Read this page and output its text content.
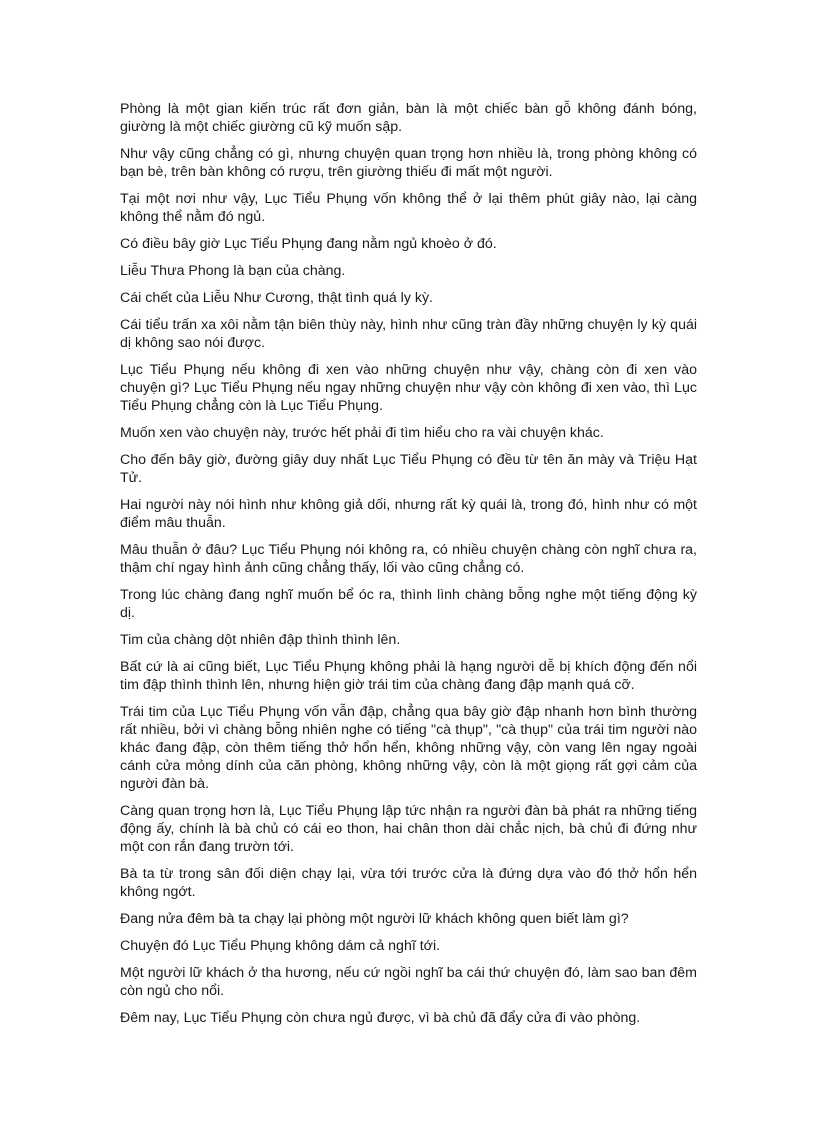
Phòng là một gian kiến trúc rất đơn giản, bàn là một chiếc bàn gỗ không đánh bóng, giường là một chiếc giường cũ kỹ muốn sập.

Như vậy cũng chẳng có gì, nhưng chuyện quan trọng hơn nhiều là, trong phòng không có bạn bè, trên bàn không có rượu, trên giường thiếu đi mất một người.

Tại một nơi như vậy, Lục Tiểu Phụng vốn không thể ở lại thêm phút giây nào, lại càng không thể nằm đó ngủ.

Có điều bây giờ Lục Tiểu Phụng đang nằm ngủ khoèo ở đó.

Liễu Thưa Phong là bạn của chàng.

Cái chết của Liễu Như Cương, thật tình quá ly kỳ.

Cái tiểu trấn xa xôi nằm tận biên thùy này, hình như cũng tràn đầy những chuyện ly kỳ quái dị không sao nói được.

Lục Tiểu Phụng nếu không đi xen vào những chuyện như vậy, chàng còn đi xen vào chuyện gì? Lục Tiểu Phụng nếu ngay những chuyện như vậy còn không đi xen vào, thì Lục Tiểu Phụng chẳng còn là Lục Tiểu Phụng.

Muốn xen vào chuyện này, trước hết phải đi tìm hiểu cho ra vài chuyện khác.

Cho đến bây giờ, đường giây duy nhất Lục Tiểu Phụng có đều từ tên ăn mày và Triệu Hạt Tử.

Hai người này nói hình như không giả dối, nhưng rất kỳ quái là, trong đó, hình như có một điểm mâu thuẫn.

Mâu thuẫn ở đâu? Lục Tiểu Phụng nói không ra, có nhiều chuyện chàng còn nghĩ chưa ra, thậm chí ngay hình ảnh cũng chẳng thấy, lối vào cũng chẳng có.

Trong lúc chàng đang nghĩ muốn bể óc ra, thình lình chàng bỗng nghe một tiếng động kỳ dị.

Tim của chàng dột nhiên đập thình thình lên.

Bất cứ là ai cũng biết, Lục Tiểu Phụng không phải là hạng người dễ bị khích động đến nổi tim đập thình thình lên, nhưng hiện giờ trái tim của chàng đang đập mạnh quá cỡ.

Trái tim của Lục Tiểu Phụng vốn vẫn đập, chẳng qua bây giờ đập nhanh hơn bình thường rất nhiều, bởi vì chàng bỗng nhiên nghe có tiếng "cà thụp", "cà thụp" của trái tim người nào khác đang đập, còn thêm tiếng thở hổn hển, không những vậy, còn vang lên ngay ngoài cánh cửa mỏng dính của căn phòng, không những vậy, còn là một giọng rất gợi cảm của người đàn bà.

Càng quan trọng hơn là, Lục Tiểu Phụng lập tức nhận ra người đàn bà phát ra những tiếng động ấy, chính là bà chủ có cái eo thon, hai chân thon dài chắc nịch, bà chủ đi đứng như một con rắn đang trườn tới.

Bà ta từ trong sân đối diện chạy lại, vừa tới trước cửa là đứng dựa vào đó thở hổn hển không ngớt.

Đang nửa đêm bà ta chạy lại phòng một người lữ khách không quen biết làm gì?

Chuyện đó Lục Tiểu Phụng không dám cả nghĩ tới.

Một người lữ khách ở tha hương, nếu cứ ngồi nghĩ ba cái thứ chuyện đó, làm sao ban đêm còn ngủ cho nổi.

Đêm nay, Lục Tiểu Phụng còn chưa ngủ được, vì bà chủ đã đẩy cửa đi vào phòng.
